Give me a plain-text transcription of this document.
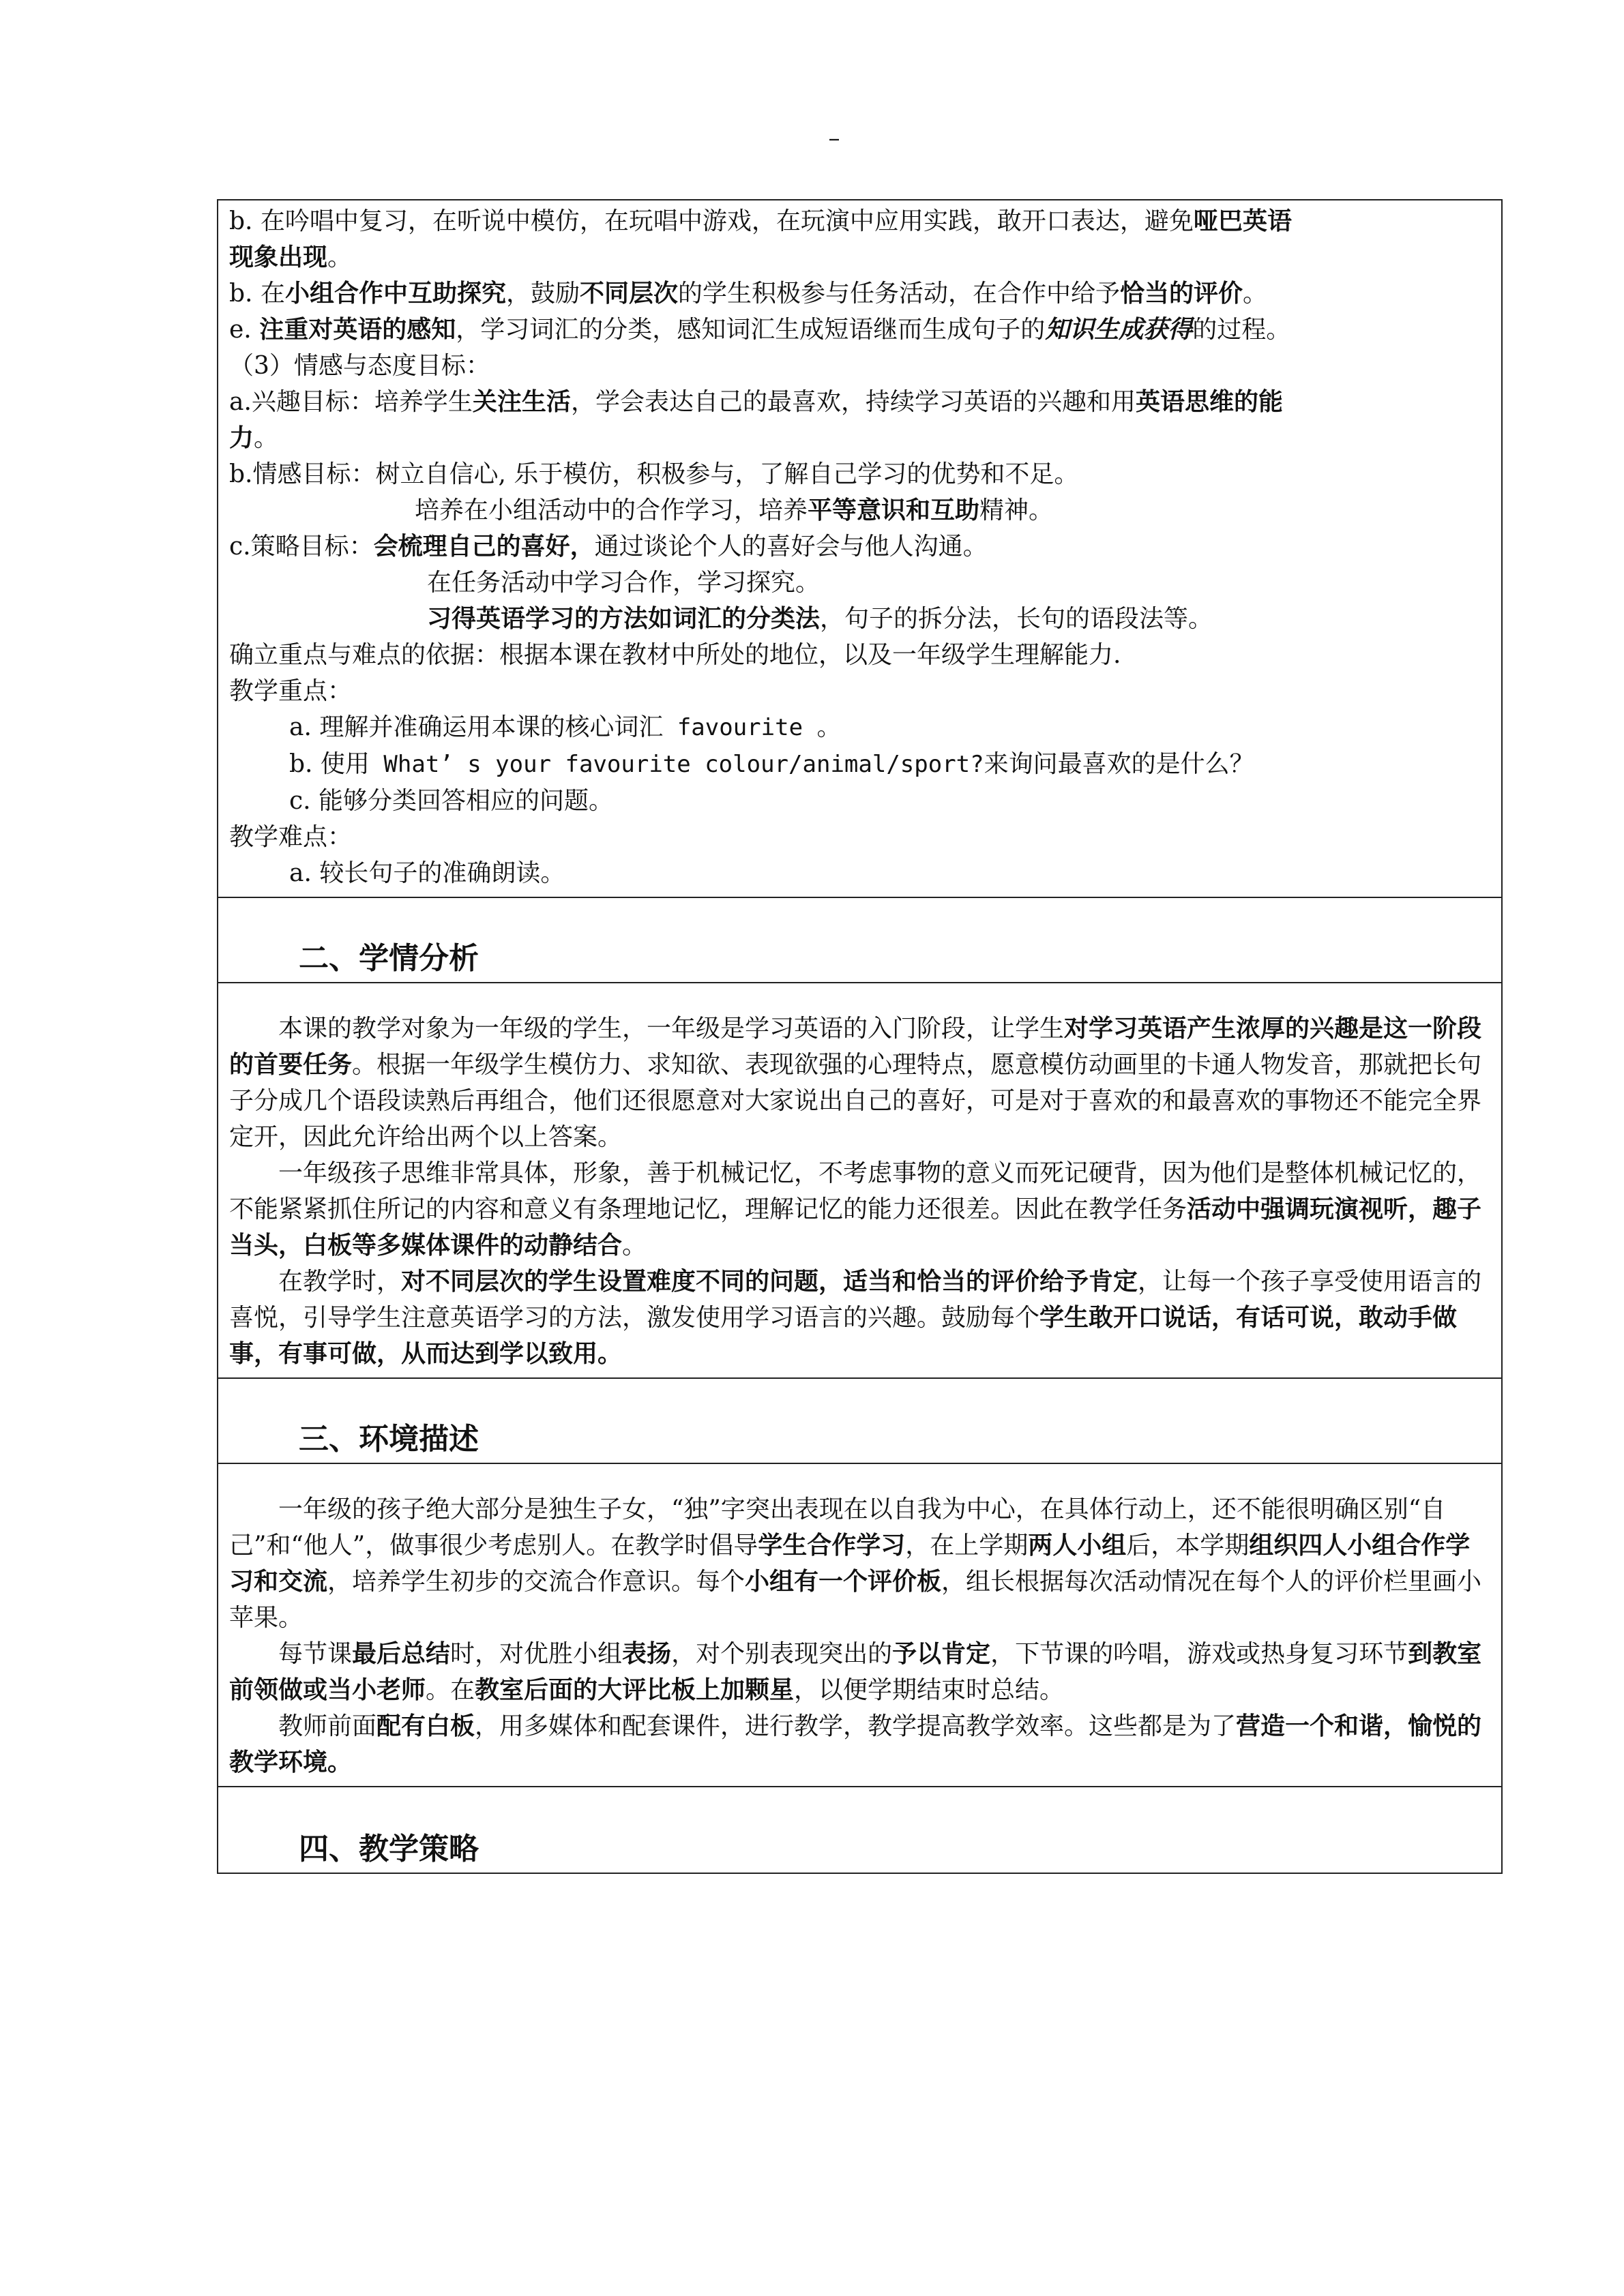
–

b. 在吟唱中复习，在听说中模仿，在玩唱中游戏，在玩演中应用实践，敢开口表达，避免哑巴英语

现象出现。

b. 在小组合作中互助探究，鼓励不同层次的学生积极参与任务活动，在合作中给予恰当的评价。

e. 注重对英语的感知，学习词汇的分类，感知词汇生成短语继而生成句子的知识生成获得的过程。

（3）情感与态度目标：

a.兴趣目标：培养学生关注生活，学会表达自己的最喜欢，持续学习英语的兴趣和用英语思维的能

力。

b.情感目标：树立自信心, 乐于模仿，积极参与，了解自己学习的优势和不足。

培养在小组活动中的合作学习，培养平等意识和互助精神。

c.策略目标：会梳理自己的喜好，通过谈论个人的喜好会与他人沟通。

在任务活动中学习合作，学习探究。

习得英语学习的方法如词汇的分类法，句子的拆分法，长句的语段法等。

确立重点与难点的依据：根据本课在教材中所处的地位，以及一年级学生理解能力.

教学重点：

a. 理解并准确运用本课的核心词汇 favourite 。

b. 使用 What’ s your favourite colour/animal/sport?来询问最喜欢的是什么？

c. 能够分类回答相应的问题。

教学难点：

a. 较长句子的准确朗读。

二、学情分析

本课的教学对象为一年级的学生，一年级是学习英语的入门阶段，让学生对学习英语产生浓厚的兴趣是这一阶段的首要任务。根据一年级学生模仿力、求知欲、表现欲强的心理特点，愿意模仿动画里的卡通人物发音，那就把长句子分成几个语段读熟后再组合，他们还很愿意对大家说出自己的喜好，可是对于喜欢的和最喜欢的事物还不能完全界定开，因此允许给出两个以上答案。

一年级孩子思维非常具体，形象，善于机械记忆，不考虑事物的意义而死记硬背，因为他们是整体机械记忆的，不能紧紧抓住所记的内容和意义有条理地记忆，理解记忆的能力还很差。因此在教学任务活动中强调玩演视听，趣子当头，白板等多媒体课件的动静结合。

在教学时，对不同层次的学生设置难度不同的问题，适当和恰当的评价给予肯定，让每一个孩子享受使用语言的喜悦，引导学生注意英语学习的方法，激发使用学习语言的兴趣。鼓励每个学生敢开口说话，有话可说，敢动手做事，有事可做，从而达到学以致用。

三、环境描述

一年级的孩子绝大部分是独生子女，“独”字突出表现在以自我为中心，在具体行动上，还不能很明确区别“自己”和“他人”，做事很少考虑别人。在教学时倡导学生合作学习，在上学期两人小组后，本学期组织四人小组合作学习和交流，培养学生初步的交流合作意识。每个小组有一个评价板，组长根据每次活动情况在每个人的评价栏里画小苹果。

每节课最后总结时，对优胜小组表扬，对个别表现突出的予以肯定，下节课的吟唱，游戏或热身复习环节到教室前领做或当小老师。在教室后面的大评比板上加颗星，以便学期结束时总结。

教师前面配有白板，用多媒体和配套课件，进行教学，教学提高教学效率。这些都是为了营造一个和谐，愉悦的教学环境。

四、教学策略
